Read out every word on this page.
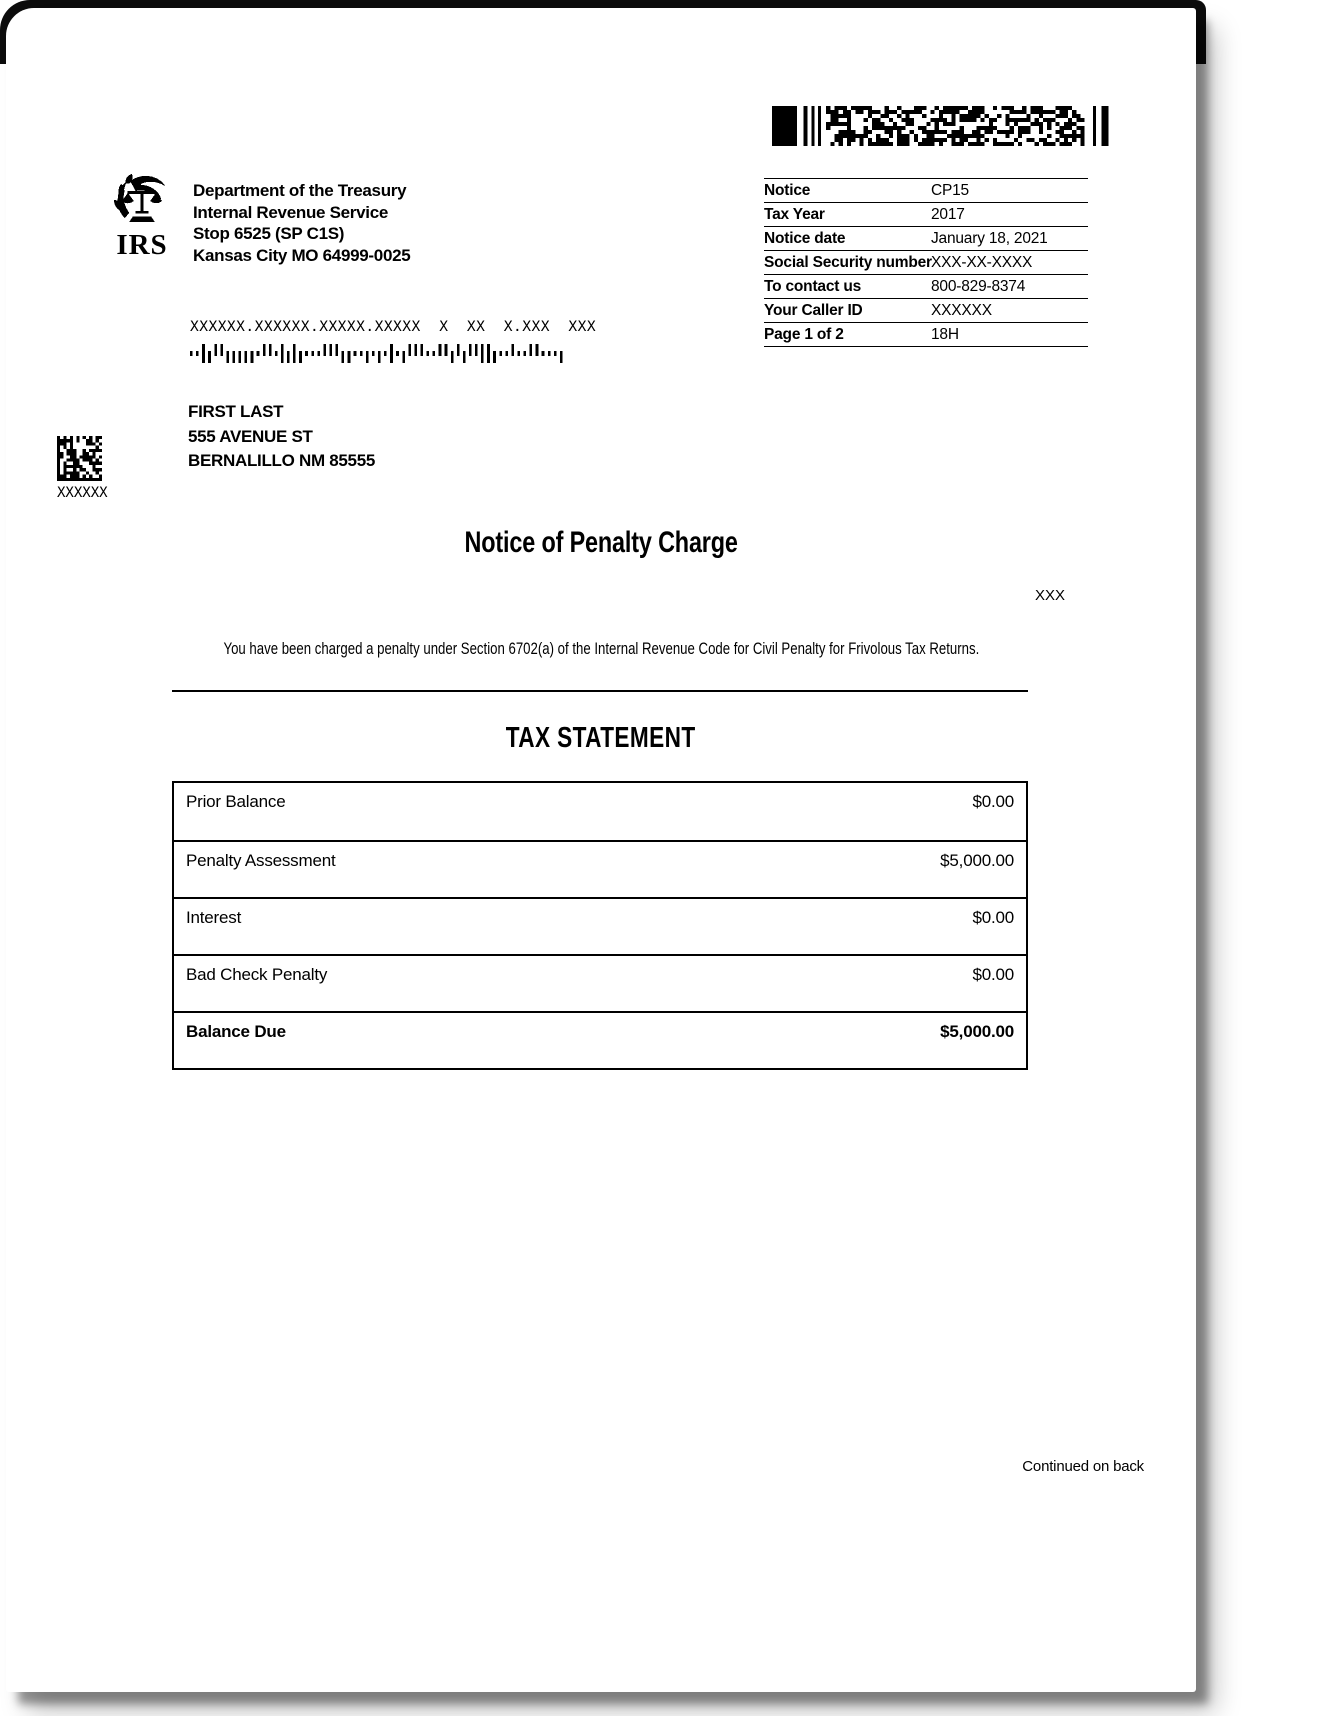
Notice	CP15
Tax Year	2017
Notice date	January 18, 2021
Social Security number XXX-XX-XXXX
To contact us	800-829-8374
Your Caller ID	XXXXXX
Page 1 of 2	18H
IRS
Department of the Treasury
Internal Revenue Service
Stop 6525 (SP C1S)
Kansas City MO 64999-0025
XXXXXX.XXXXXX.XXXXX.XXXXX  X  XX  X.XXX  XXX
FIRST LAST
555 AVENUE ST
BERNALILLO NM 85555
XXXXXX
Notice of Penalty Charge
XXX
You have been charged a penalty under Section 6702(a) of the Internal Revenue Code for Civil Penalty for Frivolous Tax Returns.
TAX STATEMENT
Prior Balance	$0.00
Penalty Assessment	$5,000.00
Interest	$0.00
Bad Check Penalty	$0.00
Balance Due	$5,000.00
Continued on back
